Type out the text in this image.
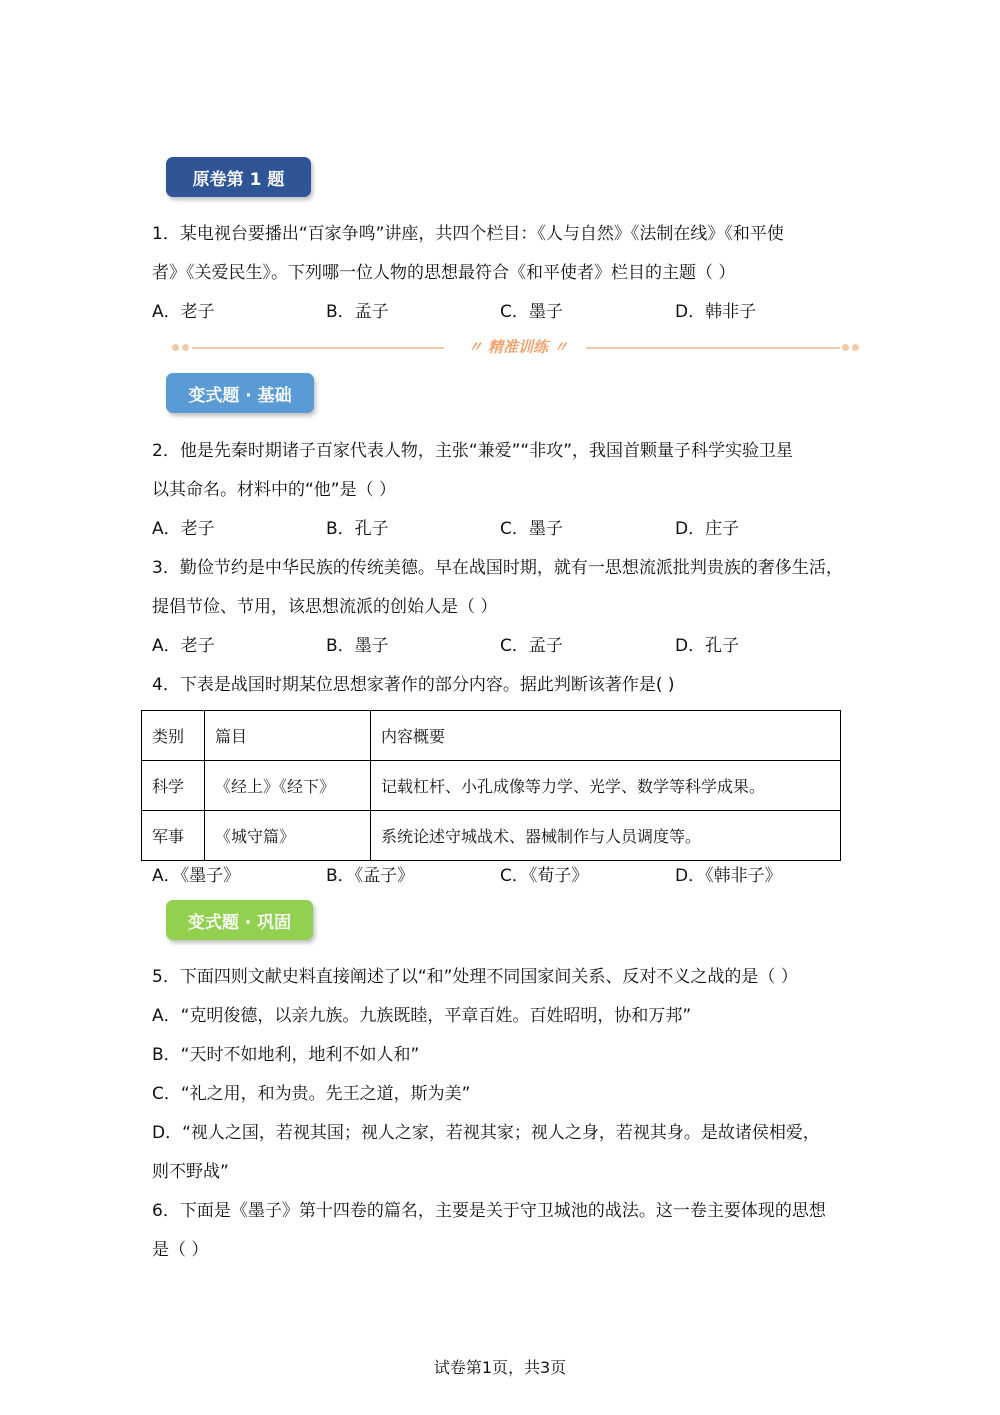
原卷第 1 题
1．某电视台要播出“百家争鸣”讲座，共四个栏目：《人与自然》《法制在线》《和平使
者》《关爱民生》。下列哪一位人物的思想最符合《和平使者》栏目的主题（ ）
A．老子	B．孟子	C．墨子	D．韩非子
〃 精准训练 〃
变式题 · 基础
2．他是先秦时期诸子百家代表人物，主张“兼爱”“非攻”，我国首颗量子科学实验卫星
以其命名。材料中的“他”是（ ）
A．老子	B．孔子	C．墨子	D．庄子
3．勤俭节约是中华民族的传统美德。早在战国时期，就有一思想流派批判贵族的奢侈生活，
提倡节俭、节用，该思想流派的创始人是（ ）
A．老子	B．墨子	C．孟子	D．孔子
4．下表是战国时期某位思想家著作的部分内容。据此判断该著作是( )
类别	篇目	内容概要
科学	《经上》《经下》	记载杠杆、小孔成像等力学、光学、数学等科学成果。
军事	《城守篇》	系统论述守城战术、器械制作与人员调度等。
A．《墨子》	B．《孟子》	C．《荀子》	D．《韩非子》
变式题 · 巩固
5．下面四则文献史料直接阐述了以“和”处理不同国家间关系、反对不义之战的是（ ）
A．“克明俊德，以亲九族。九族既睦，平章百姓。百姓昭明，协和万邦”
B．“天时不如地利，地利不如人和”
C．“礼之用，和为贵。先王之道，斯为美”
D．“视人之国，若视其国；视人之家，若视其家；视人之身，若视其身。是故诸侯相爱，
则不野战”
6．下面是《墨子》第十四卷的篇名，主要是关于守卫城池的战法。这一卷主要体现的思想
是（ ）
试卷第1页，共3页
